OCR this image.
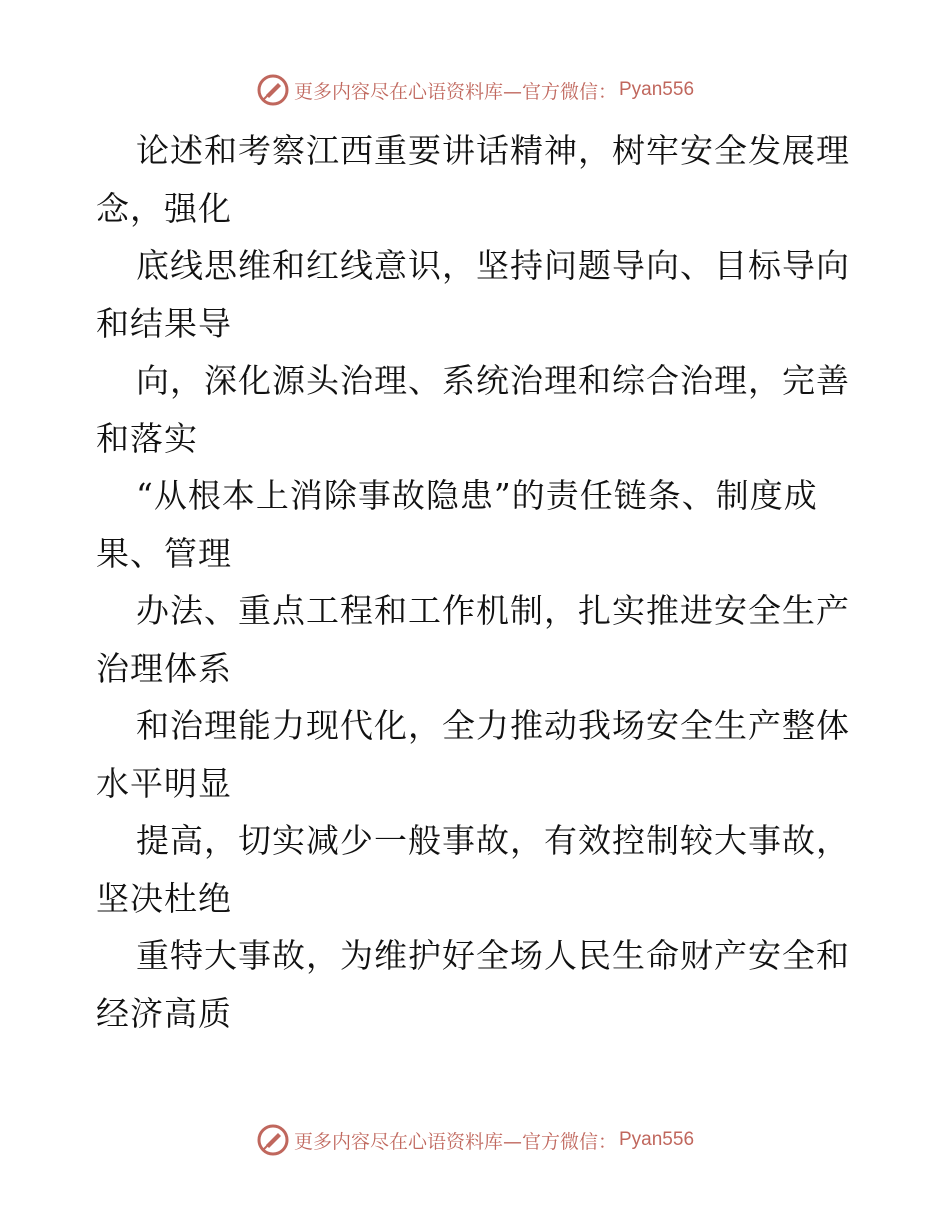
更多内容尽在心语资料库—官方微信： Pyan556

论述和考察江西重要讲话精神，树牢安全发展理

念，强化

底线思维和红线意识，坚持问题导向、目标导向

和结果导

向，深化源头治理、系统治理和综合治理，完善

和落实

“从根本上消除事故隐患”的责任链条、制度成

果、管理

办法、重点工程和工作机制，扎实推进安全生产

治理体系

和治理能力现代化，全力推动我场安全生产整体

水平明显

提高，切实减少一般事故，有效控制较大事故，

坚决杜绝

重特大事故，为维护好全场人民生命财产安全和

经济高质

更多内容尽在心语资料库—官方微信： Pyan556
